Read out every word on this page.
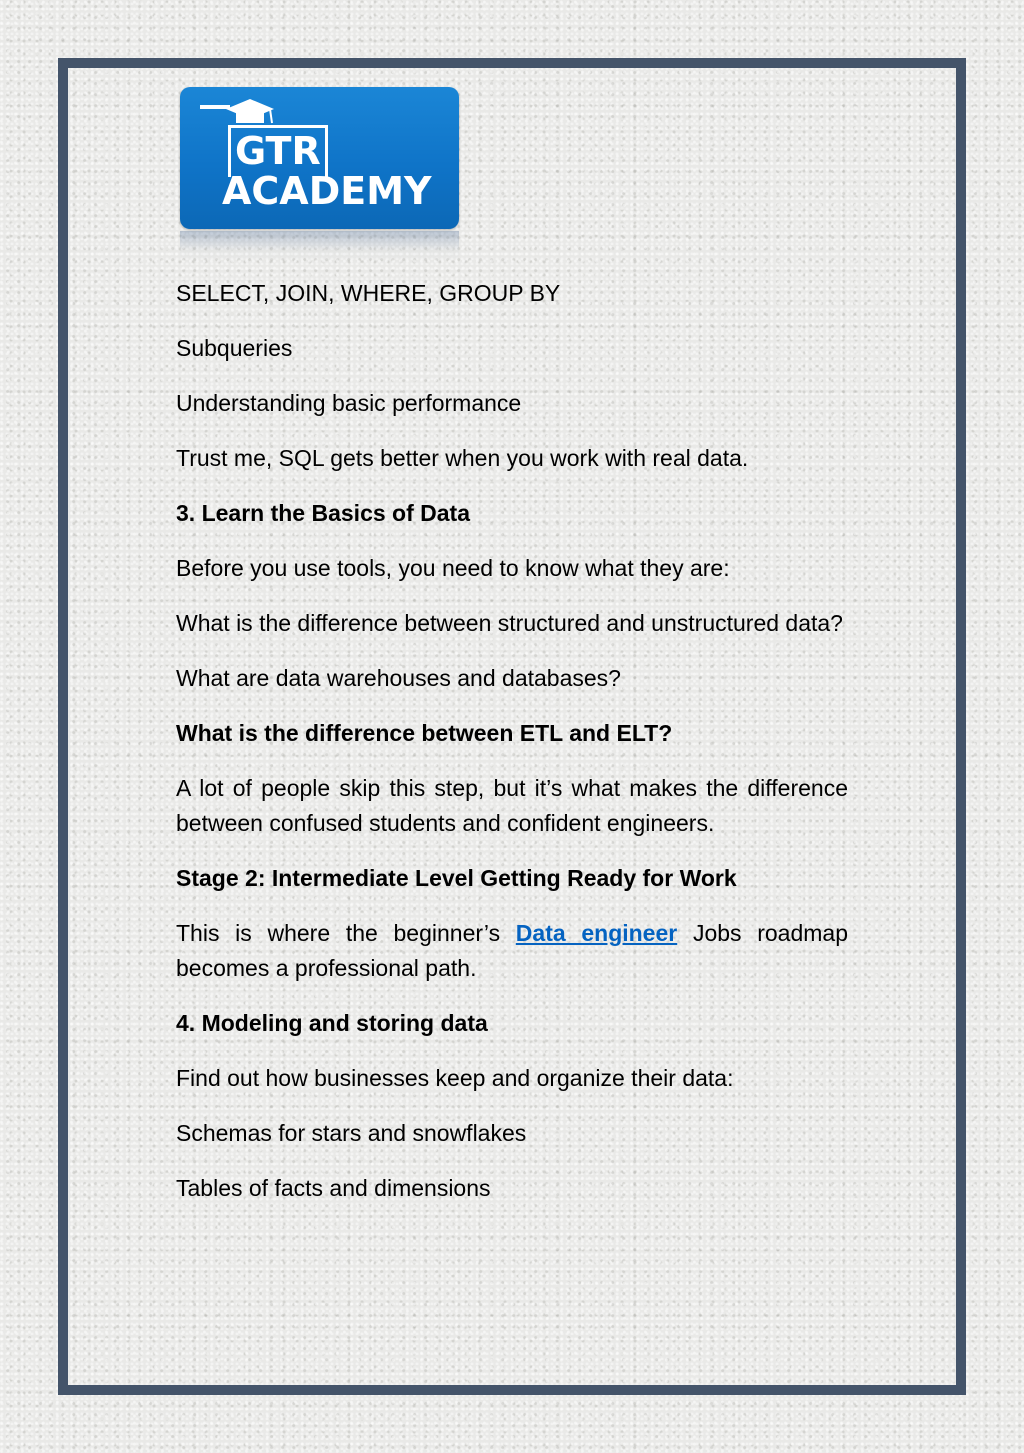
GTR
ACADEMY

SELECT, JOIN, WHERE, GROUP BY

Subqueries

Understanding basic performance

Trust me, SQL gets better when you work with real data.

3. Learn the Basics of Data

Before you use tools, you need to know what they are:

What is the difference between structured and unstructured data?

What are data warehouses and databases?

What is the difference between ETL and ELT?

A lot of people skip this step, but it’s what makes the difference between confused students and confident engineers.

Stage 2: Intermediate Level Getting Ready for Work

This is where the beginner’s Data engineer Jobs roadmap becomes a professional path.

4. Modeling and storing data

Find out how businesses keep and organize their data:

Schemas for stars and snowflakes

Tables of facts and dimensions
